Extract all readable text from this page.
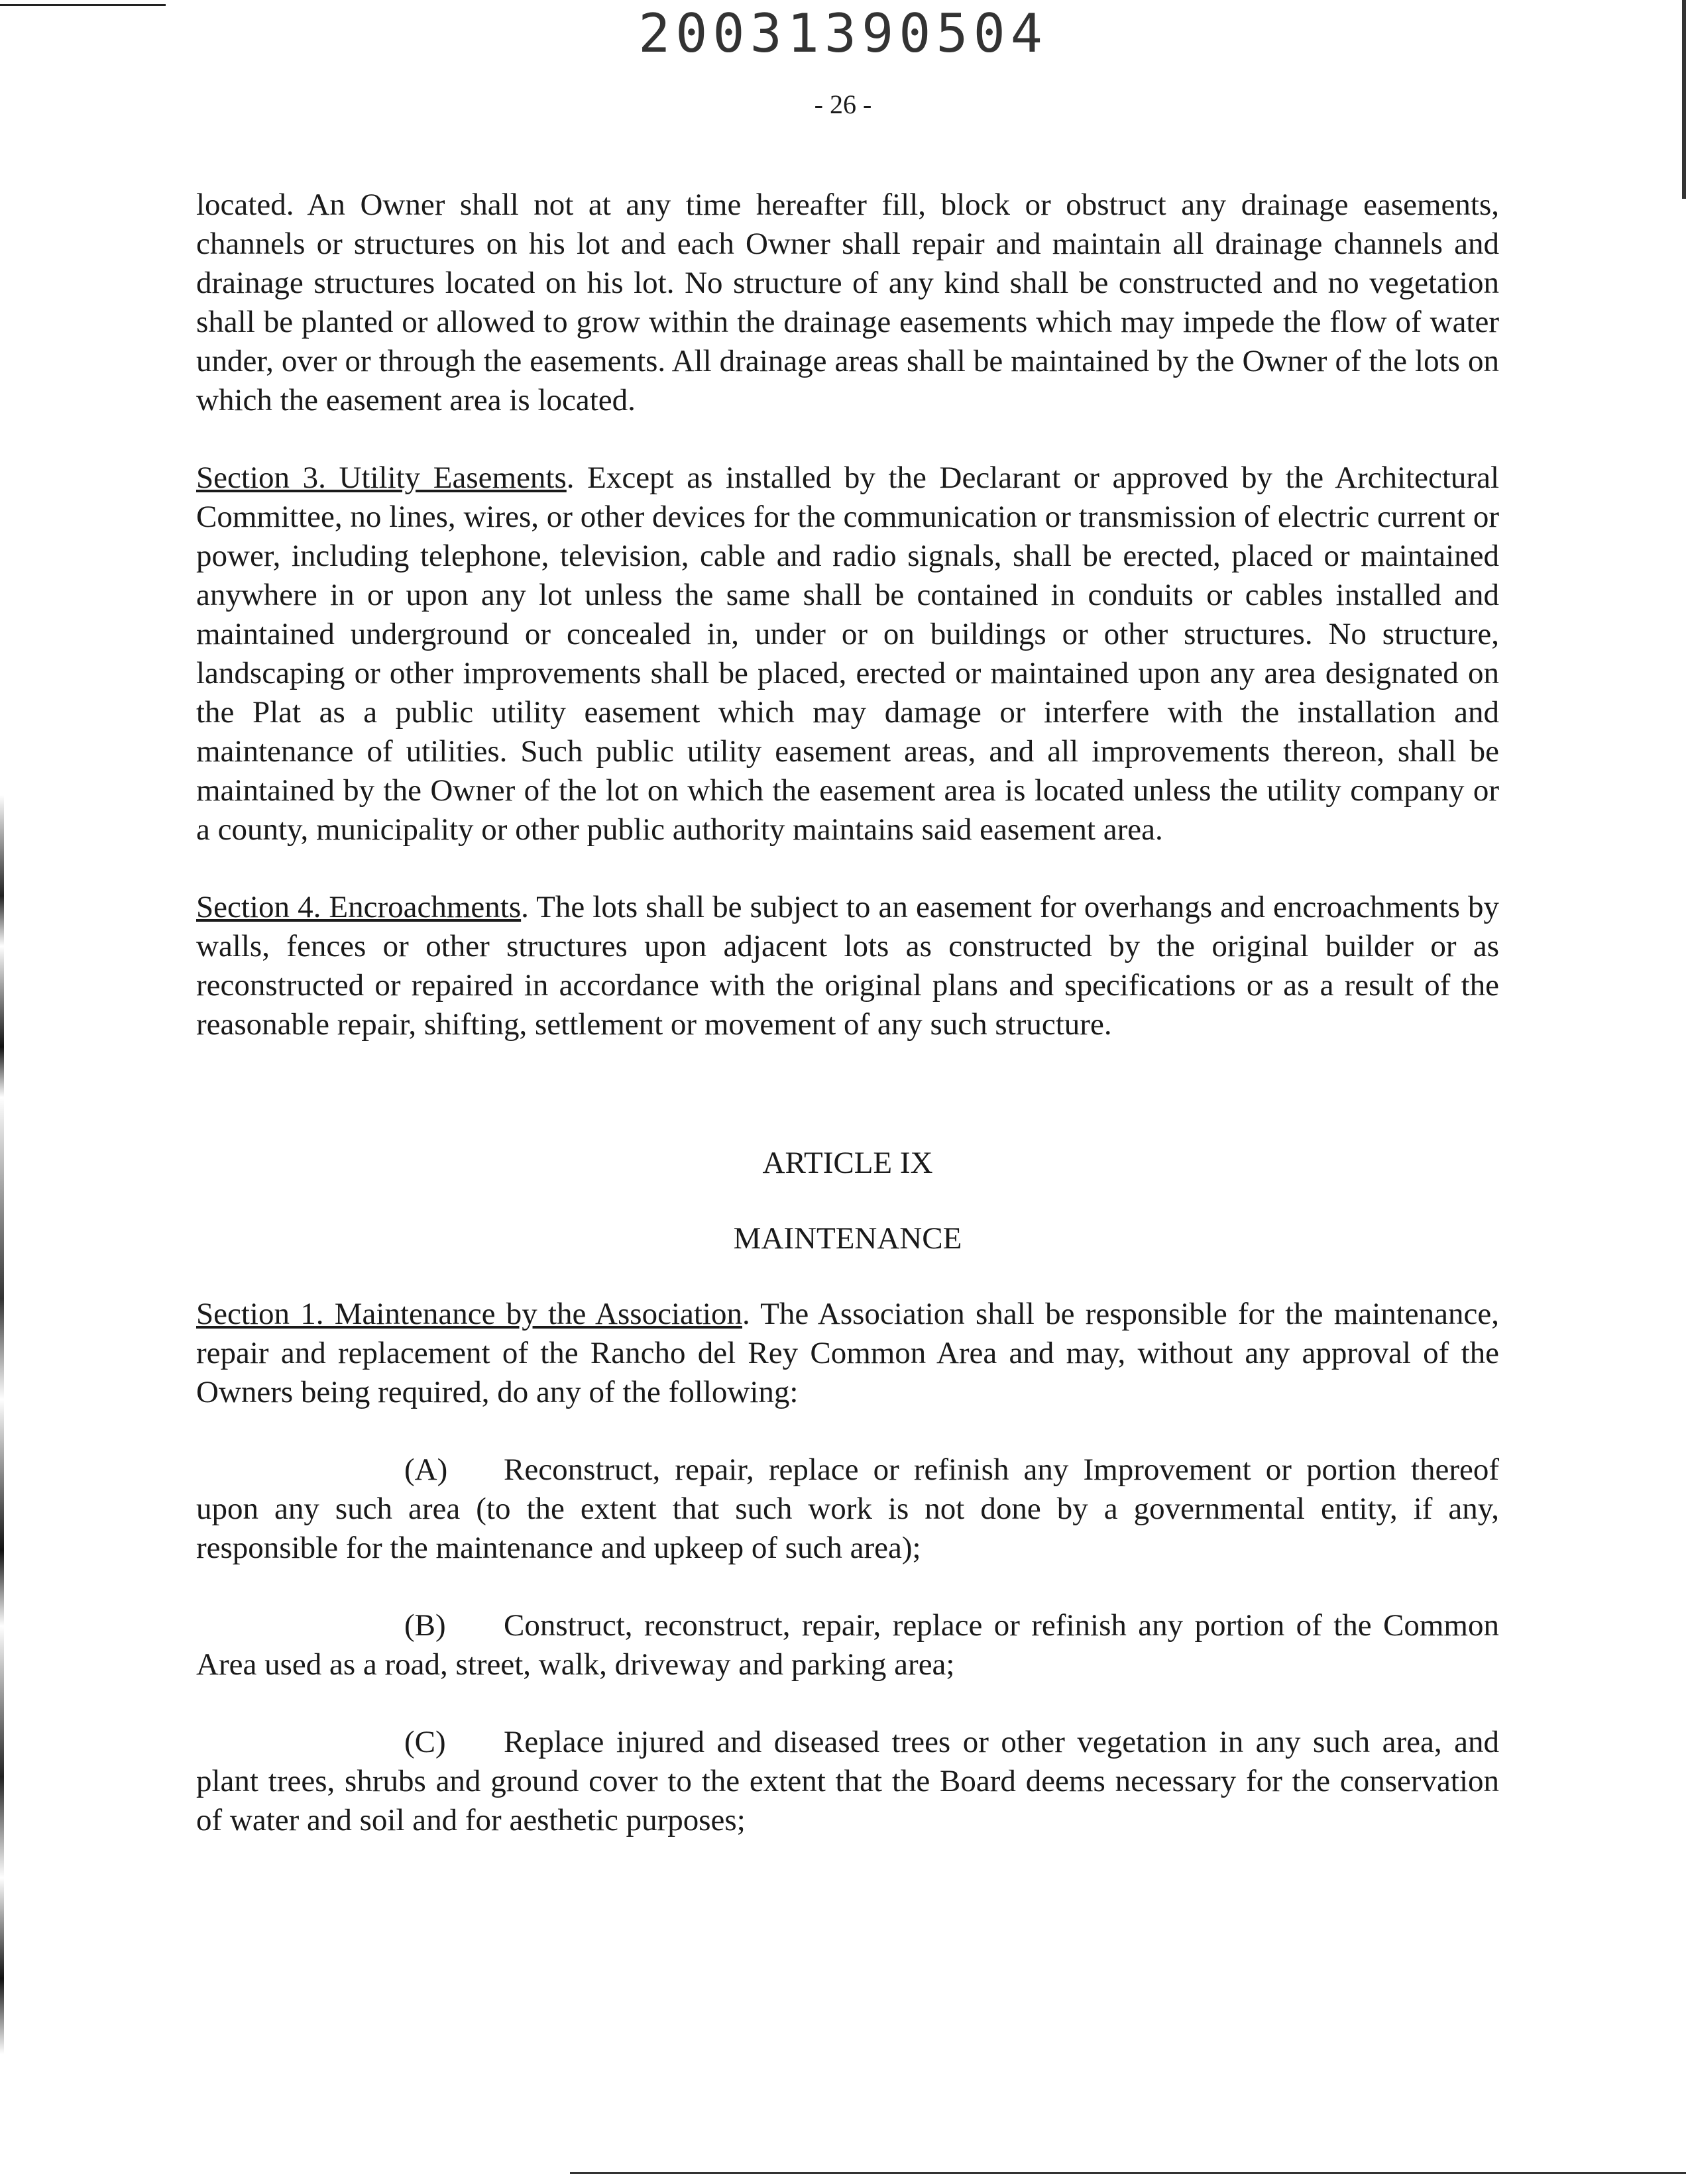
20031390504
- 26 -

located. An Owner shall not at any time hereafter fill, block or obstruct any drainage easements, channels or structures on his lot and each Owner shall repair and maintain all drainage channels and drainage structures located on his lot. No structure of any kind shall be constructed and no vegetation shall be planted or allowed to grow within the drainage easements which may impede the flow of water under, over or through the easements. All drainage areas shall be maintained by the Owner of the lots on which the easement area is located.

Section 3. Utility Easements. Except as installed by the Declarant or approved by the Architectural Committee, no lines, wires, or other devices for the communication or transmission of electric current or power, including telephone, television, cable and radio signals, shall be erected, placed or maintained anywhere in or upon any lot unless the same shall be contained in conduits or cables installed and maintained underground or concealed in, under or on buildings or other structures. No structure, landscaping or other improvements shall be placed, erected or maintained upon any area designated on the Plat as a public utility easement which may damage or interfere with the installation and maintenance of utilities. Such public utility easement areas, and all improvements thereon, shall be maintained by the Owner of the lot on which the easement area is located unless the utility company or a county, municipality or other public authority maintains said easement area.

Section 4. Encroachments. The lots shall be subject to an easement for overhangs and encroachments by walls, fences or other structures upon adjacent lots as constructed by the original builder or as reconstructed or repaired in accordance with the original plans and specifications or as a result of the reasonable repair, shifting, settlement or movement of any such structure.

ARTICLE IX

MAINTENANCE

Section 1. Maintenance by the Association. The Association shall be responsible for the maintenance, repair and replacement of the Rancho del Rey Common Area and may, without any approval of the Owners being required, do any of the following:

(A) Reconstruct, repair, replace or refinish any Improvement or portion thereof upon any such area (to the extent that such work is not done by a governmental entity, if any, responsible for the maintenance and upkeep of such area);

(B) Construct, reconstruct, repair, replace or refinish any portion of the Common Area used as a road, street, walk, driveway and parking area;

(C) Replace injured and diseased trees or other vegetation in any such area, and plant trees, shrubs and ground cover to the extent that the Board deems necessary for the conservation of water and soil and for aesthetic purposes;
